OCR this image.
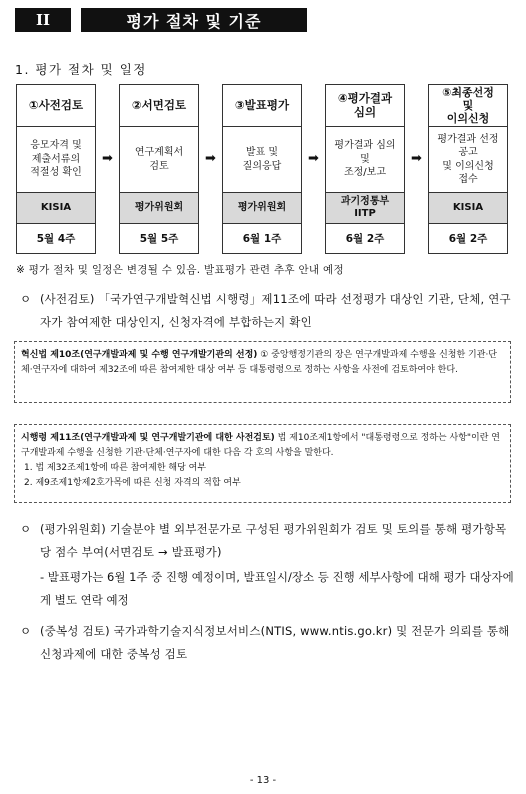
II	평가 절차 및 기준
1. 평가 절차 및 일정
①사전검토
응모자격 및
제출서류의
적절성 확인
KISIA
5월 4주
➡
②서면검토
연구계획서
검토
평가위원회
5월 5주
➡
③발표평가
발표 및
질의응답
평가위원회
6월 1주
➡
④평가결과
심의
평가결과 심의
및
조정/보고
과기정통부
IITP
6월 2주
➡
⑤최종선정
및
이의신청
평가결과 선정
공고
및 이의신청
접수
KISIA
6월 2주
※ 평가 절차 및 일정은 변경될 수 있음. 발표평가 관련 추후 안내 예정
ㅇ (사전검토) 「국가연구개발혁신법 시행령」제11조에 따라 선정평가 대상인 기관, 단체, 연구자가 참여제한 대상인지, 신청자격에 부합하는지 확인
혁신법 제10조(연구개발과제 및 수행 연구개발기관의 선정) ① 중앙행정기관의 장은 연구개발과제 수행을 신청한 기관·단체·연구자에 대하여 제32조에 따른 참여제한 대상 여부 등 대통령령으로 정하는 사항을 사전에 검토하여야 한다.
시행령 제11조(연구개발과제 및 연구개발기관에 대한 사전검토) 법 제10조제1항에서 "대통령령으로 정하는 사항"이란 연구개발과제 수행을 신청한 기관·단체·연구자에 대한 다음 각 호의 사항을 말한다.
1. 법 제32조제1항에 따른 참여제한 해당 여부
2. 제9조제1항제2호가목에 따른 신청 자격의 적합 여부
ㅇ (평가위원회) 기술분야 별 외부전문가로 구성된 평가위원회가 검토 및 토의를 통해 평가항목 당 점수 부여(서면검토 → 발표평가)
- 발표평가는 6월 1주 중 진행 예정이며, 발표일시/장소 등 진행 세부사항에 대해 평가 대상자에게 별도 연락 예정
ㅇ (중복성 검토) 국가과학기술지식정보서비스(NTIS, www.ntis.go.kr) 및 전문가 의뢰를 통해 신청과제에 대한 중복성 검토
- 13 -
